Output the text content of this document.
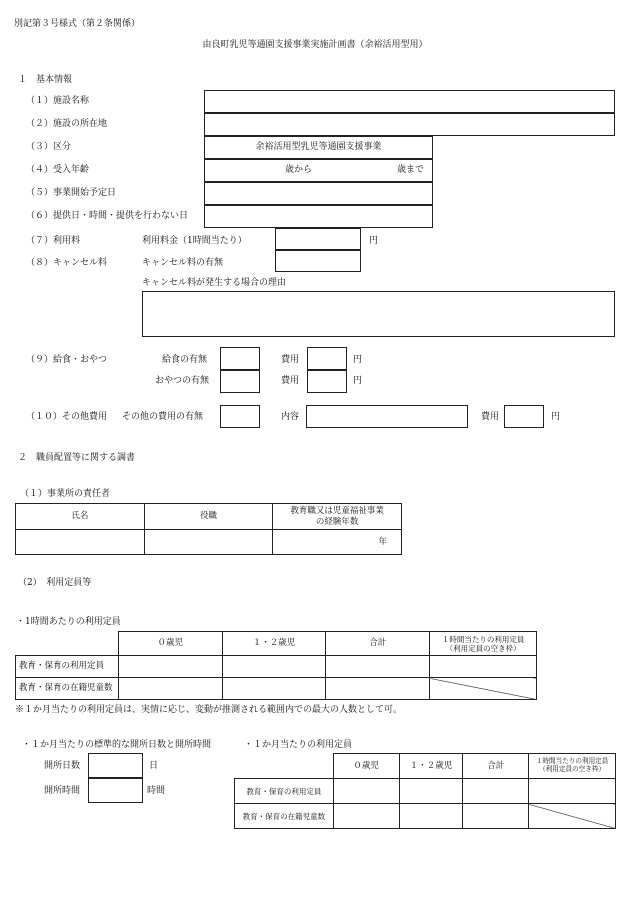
別記第３号様式（第２条関係）
由良町乳児等通園支援事業実施計画書（余裕活用型用）
１　基本情報
（１）施設名称
（２）施設の所在地
（３）区分	余裕活用型乳児等通園支援事業
（４）受入年齢	歳から	歳まで
（５）事業開始予定日
（６）提供日・時間・提供を行わない日
（７）利用料	利用料金（1時間当たり）	円
（８）キャンセル料	キャンセル料の有無
キャンセル料が発生する場合の理由
（９）給食・おやつ	給食の有無	費用	円
おやつの有無	費用	円
（１０）その他費用 その他の費用の有無	内容	費用	円
２　職員配置等に関する調書
（１）事業所の責任者
氏名	役職	教育職又は児童福祉事業
の経験年数
		年
（2）　利用定員等
・1時間あたりの利用定員
	０歳児	１・２歳児	合計	１時間当たりの利用定員
（利用定員の空き枠）
教育・保育の利用定員				
教育・保育の在籍児童数				
※１か月当たりの利用定員は、実情に応じ、変動が推測される範囲内での最大の人数として可。
・１か月当たりの標準的な開所日数と開所時間	・１か月当たりの利用定員
開所日数	日
開所時間	時間
	０歳児	１・２歳児	合計	１時間当たりの利用定員
（利用定員の空き枠）
教育・保育の利用定員				
教育・保育の在籍児童数				
